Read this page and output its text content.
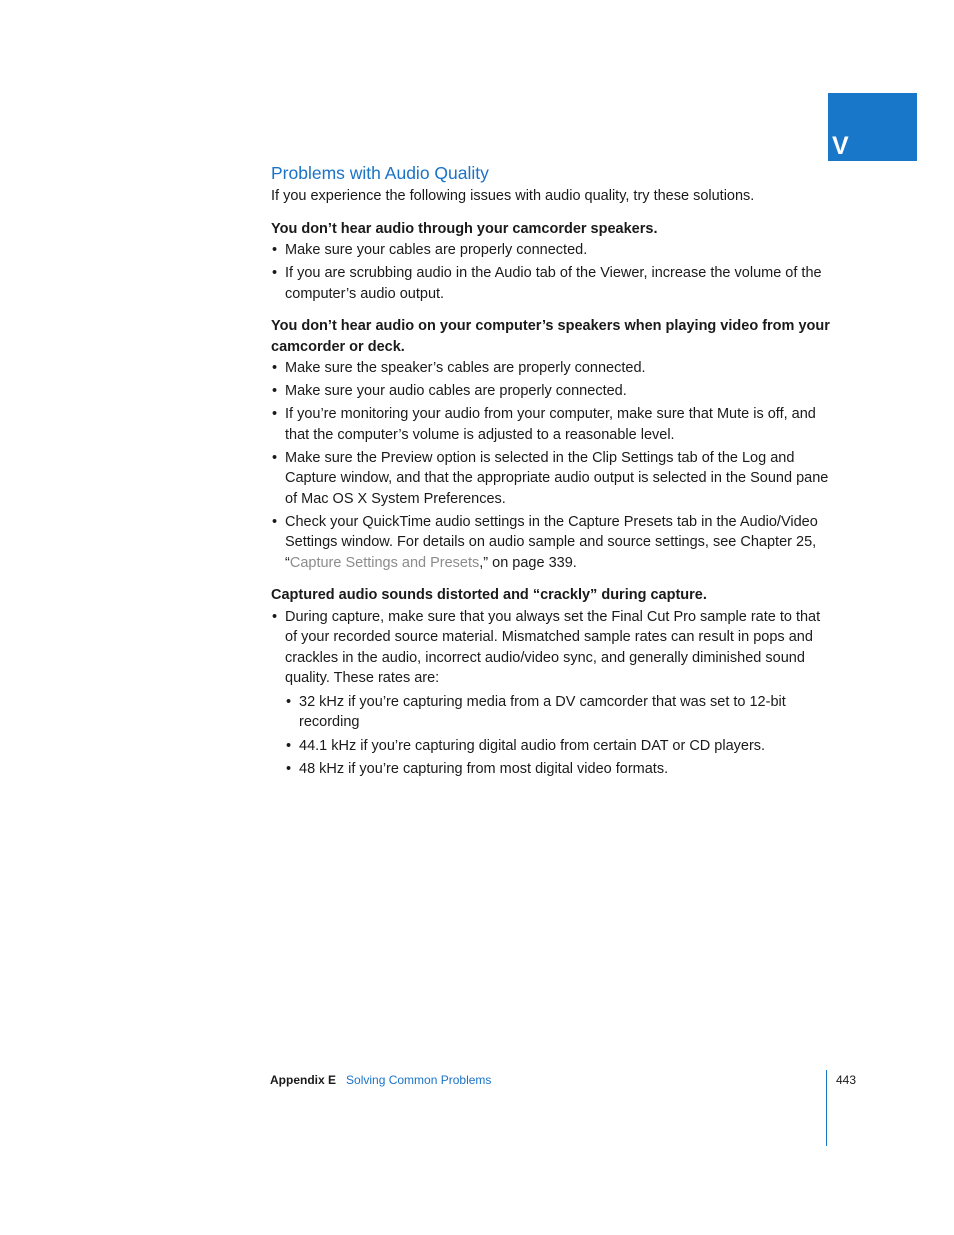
V
Problems with Audio Quality

If you experience the following issues with audio quality, try these solutions.

You don’t hear audio through your camcorder speakers.
• Make sure your cables are properly connected.
• If you are scrubbing audio in the Audio tab of the Viewer, increase the volume of the computer’s audio output.
You don’t hear audio on your computer’s speakers when playing video from your camcorder or deck.
• Make sure the speaker’s cables are properly connected.
• Make sure your audio cables are properly connected.
• If you’re monitoring your audio from your computer, make sure that Mute is off, and that the computer’s volume is adjusted to a reasonable level.
• Make sure the Preview option is selected in the Clip Settings tab of the Log and Capture window, and that the appropriate audio output is selected in the Sound pane of Mac OS X System Preferences.
• Check your QuickTime audio settings in the Capture Presets tab in the Audio/Video Settings window. For details on audio sample and source settings, see Chapter 25, “Capture Settings and Presets,” on page 339.
Captured audio sounds distorted and “crackly” during capture.
• During capture, make sure that you always set the Final Cut Pro sample rate to that of your recorded source material. Mismatched sample rates can result in pops and crackles in the audio, incorrect audio/video sync, and generally diminished sound quality. These rates are:
• 32 kHz if you’re capturing media from a DV camcorder that was set to 12-bit recording
• 44.1 kHz if you’re capturing digital audio from certain DAT or CD players.
• 48 kHz if you’re capturing from most digital video formats.
Appendix E Solving Common Problems	443
